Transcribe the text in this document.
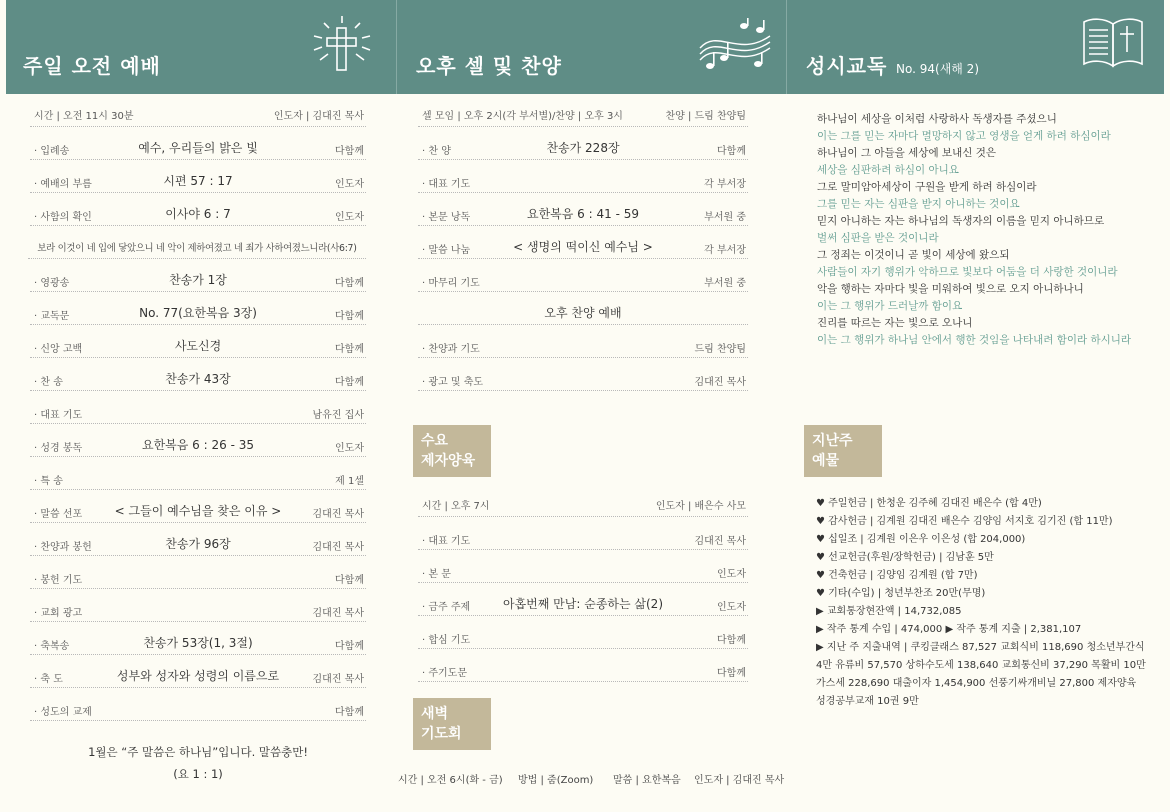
주일 오전 예배	오후 셀 및 찬양	성시교독 No. 94(새해 2)
시간 | 오전 11시 30분	인도자 | 김대진 목사
· 입례송	예수, 우리들의 밝은 빛	다함께
· 예배의 부름	시편 57 : 17	인도자
· 사함의 확인	이사야 6 : 7	인도자
보라 이것이 네 입에 닿았으니 네 악이 제하여졌고 네 죄가 사하여졌느니라(사6:7)
· 영광송	찬송가 1장	다함께
· 교독문	No. 77(요한복음 3장)	다함께
· 신앙 고백	사도신경	다함께
· 찬 송	찬송가 43장	다함께
· 대표 기도	남유진 집사
· 성경 봉독	요한복음 6 : 26 - 35	인도자
· 특 송	제 1셀
· 말씀 선포	< 그들이 예수님을 찾은 이유 >	김대진 목사
· 찬양과 봉헌	찬송가 96장	김대진 목사
· 봉헌 기도	다함께
· 교회 광고	김대진 목사
· 축복송	찬송가 53장(1, 3절)	다함께
· 축 도	성부와 성자와 성령의 이름으로	김대진 목사
· 성도의 교제	다함께
1월은 “주 말씀은 하나님”입니다. 말씀충만!
(요 1 : 1)
셀 모임 | 오후 2시(각 부서별)/찬양 | 오후 3시	찬양 | 드림 찬양팀
· 찬 양	찬송가 228장	다함께
· 대표 기도	각 부서장
· 본문 낭독	요한복음 6 : 41 - 59	부서원 중
· 말씀 나눔	< 생명의 떡이신 예수님 >	각 부서장
· 마무리 기도	부서원 중
오후 찬양 예배
· 찬양과 기도	드림 찬양팀
· 광고 및 축도	김대진 목사
수요
제자양육
시간 | 오후 7시	인도자 | 배은수 사모
· 대표 기도	김대진 목사
· 본 문	인도자
· 금주 주제	아홉번째 만남: 순종하는 삶(2)	인도자
· 합심 기도	다함께
· 주기도문	다함께
새벽
기도회
시간 | 오전 6시(화 - 금) 방법 | 줌(Zoom) 말씀 | 요한복음 인도자 | 김대진 목사
하나님이 세상을 이처럼 사랑하사 독생자를 주셨으니
이는 그를 믿는 자마다 멸망하지 않고 영생을 얻게 하려 하심이라
하나님이 그 아들을 세상에 보내신 것은
세상을 심판하려 하심이 아니요
그로 말미암아세상이 구원을 받게 하려 하심이라
그를 믿는 자는 심판을 받지 아니하는 것이요
믿지 아니하는 자는 하나님의 독생자의 이름을 믿지 아니하므로
벌써 심판을 받은 것이니라
그 정죄는 이것이니 곧 빛이 세상에 왔으되
사람들이 자기 행위가 악하므로 빛보다 어둠을 더 사랑한 것이니라
악을 행하는 자마다 빛을 미워하여 빛으로 오지 아니하나니
이는 그 행위가 드러날까 함이요
진리를 따르는 자는 빛으로 오나니
이는 그 행위가 하나님 안에서 행한 것임을 나타내려 함이라 하시니라
지난주
예물
♥ 주일헌금 | 한청운 김주혜 김대진 배은수 (합 4만)
♥ 감사헌금 | 김계원 김대진 배은수 김양임 서지호 김기진 (합 11만)
♥ 십일조 | 김계원 이은우 이은성 (합 204,000)
♥ 선교헌금(후원/장학헌금) | 김남훈 5만
♥ 건축헌금 | 김양임 김계원 (합 7만)
♥ 기타(수입) | 청년부찬조 20만(무명)
▶ 교회통장현잔액 | 14,732,085
▶ 작주 통계 수입 | 474,000 ▶ 작주 통계 지출 | 2,381,107
▶ 지난 주 지출내역 | 쿠킹클래스 87,527 교회식비 118,690 청소년부간식
4만 유류비 57,570 상하수도세 138,640 교회통신비 37,290 목활비 10만
가스세 228,690 대출이자 1,454,900 선풍기싸개비닐 27,800 제자양육
성경공부교재 10권 9만
